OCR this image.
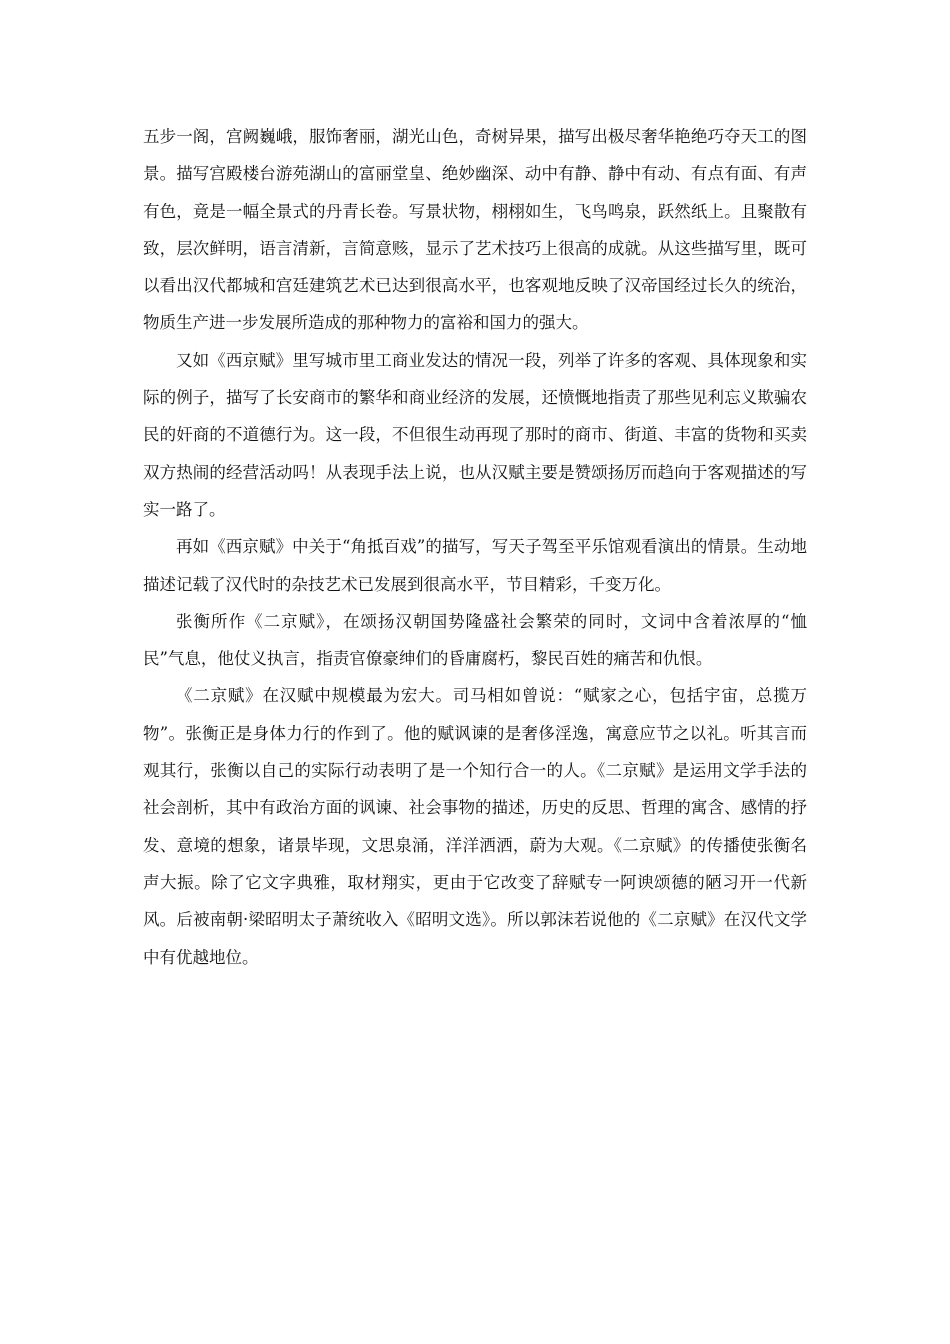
五步一阁，宫阙巍峨，服饰奢丽，湖光山色，奇树异果，描写出极尽奢华艳绝巧夺天工的图景。描写宫殿楼台游苑湖山的富丽堂皇、绝妙幽深、动中有静、静中有动、有点有面、有声有色，竟是一幅全景式的丹青长卷。写景状物，栩栩如生，飞鸟鸣泉，跃然纸上。且聚散有致，层次鲜明，语言清新，言简意赅，显示了艺术技巧上很高的成就。从这些描写里，既可以看出汉代都城和宫廷建筑艺术已达到很高水平，也客观地反映了汉帝国经过长久的统治，物质生产进一步发展所造成的那种物力的富裕和国力的强大。

又如《西京赋》里写城市里工商业发达的情况一段，列举了许多的客观、具体现象和实际的例子，描写了长安商市的繁华和商业经济的发展，还愤慨地指责了那些见利忘义欺骗农民的奸商的不道德行为。这一段，不但很生动再现了那时的商市、街道、丰富的货物和买卖双方热闹的经营活动吗！从表现手法上说，也从汉赋主要是赞颂扬厉而趋向于客观描述的写实一路了。

再如《西京赋》中关于“角抵百戏”的描写，写天子驾至平乐馆观看演出的情景。生动地描述记载了汉代时的杂技艺术已发展到很高水平，节目精彩，千变万化。

张衡所作《二京赋》，在颂扬汉朝国势隆盛社会繁荣的同时，文词中含着浓厚的“恤民”气息，他仗义执言，指责官僚豪绅们的昏庸腐朽，黎民百姓的痛苦和仇恨。

《二京赋》在汉赋中规模最为宏大。司马相如曾说：“赋家之心，包括宇宙，总揽万物”。张衡正是身体力行的作到了。他的赋讽谏的是奢侈淫逸，寓意应节之以礼。听其言而观其行，张衡以自己的实际行动表明了是一个知行合一的人。《二京赋》是运用文学手法的社会剖析，其中有政治方面的讽谏、社会事物的描述，历史的反思、哲理的寓含、感情的抒发、意境的想象，诸景毕现，文思泉涌，洋洋洒洒，蔚为大观。《二京赋》的传播使张衡名声大振。除了它文字典雅，取材翔实，更由于它改变了辞赋专一阿谀颂德的陋习开一代新风。后被南朝·梁昭明太子萧统收入《昭明文选》。所以郭沫若说他的《二京赋》在汉代文学中有优越地位。
